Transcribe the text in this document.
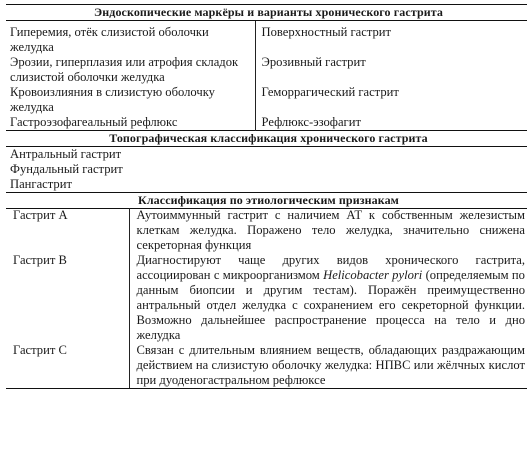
Эндоскопические маркёры и варианты хронического гастрита	
Гиперемия, отёк слизистой оболочки желудка	Поверхностный гастрит
Эрозии, гиперплазия или атрофия складок слизистой оболочки желудка	Эрозивный гастрит
Кровоизлияния в слизистую оболочку желудка	Геморрагический гастрит
Гастроэзофагеальный рефлюкс	Рефлюкс-эзофагит
Топографическая классификация хронического гастрита	
Антральный гастрит	
Фундальный гастрит	
Пангастрит	
Классификация по этиологическим признакам	
Гастрит А	Аутоиммунный гастрит с наличием АТ к собственным железистым клеткам желудка. Поражено тело желудка, значительно снижена секреторная функция
Гастрит В	Диагностируют чаще других видов хронического гастрита, ассоциирован с микроорганизмом Helicobacter pylori (определяемым по данным биопсии и другим тестам). Поражён преимущественно антральный отдел желудка с сохранением его секреторной функции. Возможно дальнейшее распространение процесса на тело и дно желудка
Гастрит С	Связан с длительным влиянием веществ, обладающих раздражающим действием на слизистую оболочку желудка: НПВС или жёлчных кислот при дуоденогастральном рефлюксе
